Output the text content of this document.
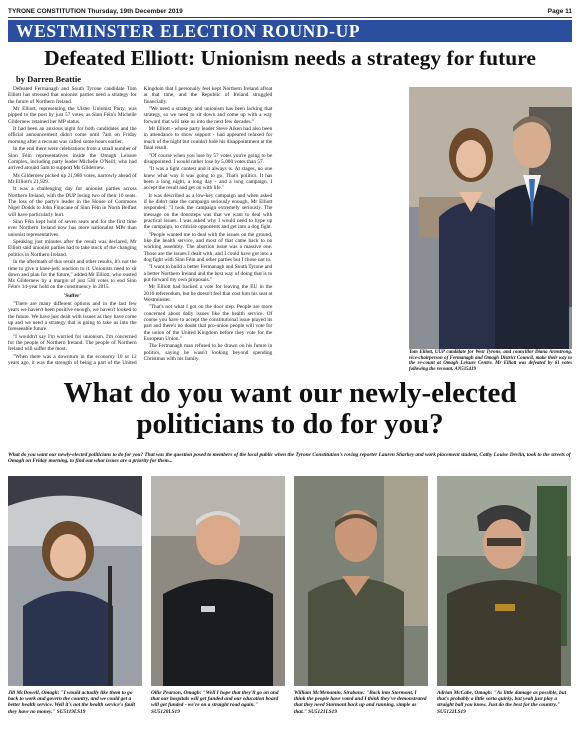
TYRONE CONSTITUTION Thursday, 19th December 2019	Page 11
WESTMINSTER ELECTION ROUND-UP
Defeated Elliott: Unionism needs a strategy for future
by Darren Beattie

Defeated Fermanagh and South Tyrone candidate Tom Elliott has stressed that unionist parties need a strategy for the future of Northern Ireland.

Mr Elliott, representing the Ulster Unionist Party, was pipped to the post by just 57 votes, as Sinn Féin's Michelle Gildernew retained her MP status.

It had been an anxious night for both candidates and the official announcement didn't come until 7am on Friday morning after a recount was called some hours earlier.

In the end there were celebrations from a small number of Sinn Féin representatives inside the Omagh Leisure Complex, including party leader Michelle O'Neill, who had arrived around 5am to support Ms Gildernew.

Ms Gildernew picked up 21,986 votes, narrowly ahead of Mr Elliott's 21,929.

It was a challenging day for unionist parties across Northern Ireland, with the DUP losing two of their 10 seats. The loss of the party's leader in the House of Commons Nigel Dodds to John Finucane of Sinn Féin in North Belfast will have particularly hurt.

Sinn Féin kept hold of seven seats and for the first time ever Northern Ireland now has more nationalist MPs than unionist representatives.

Speaking just minutes after the result was declared, Mr Elliott said unionist parties had to take stock of the changing politics in Northern Ireland.

In the aftermath of this result and other results, it's not the time to give a knee-jerk reaction to it. Unionists need to sit down and plan for the future," added Mr Elliott, who ousted Ms Gildernew by a margin of just 530 votes to end Sinn Féin's 14-year hold on the constituency in 2015.

'Suffer'

"There are many different options and in the last few years we haven't been positive enough, we haven't looked to the future. We have just dealt with issues as they have come up and we need a strategy that is going to take us into the foreseeable future.

"I wouldn't say I'm worried for unionism. I'm concerned for the people of Northern Ireland. The people of Northern Ireland will suffer the most.

"When there was a downturn in the economy 10 or 12 years ago, it was the strength of being a part of the United Kingdom that I personally feel kept Northern Ireland afloat at that time, and the Republic of Ireland struggled financially.

"We need a strategy and unionism has been lacking that strategy, so we need to sit down and come up with a way forward that will take us into the next few decades."

Mr Elliott - whose party leader Steve Aiken had also been in attendance to show support - had appeared relaxed for much of the night but couldn't hide his disappointment at the final result.

"Of course when you lose by 57 votes you're going to be disappointed. I would rather lose by 5,000 votes than 57.

"It was a tight contest and it always is. At stages, no one knew what way it was going to go. That's politics. It has been a long night, a long day - and a long campaign. I accept the result and get on with life."

It was described as a low-key campaign and when asked if he didn't take the campaign seriously enough, Mr Elliott responded: "I took the campaign extremely seriously. The message on the doorsteps was that we want to deal with practical issues. I was asked why I would need to hype up the campaign, to criticise opponents and get into a dog fight.

"People wanted me to deal with the issues on the ground, like the health service, and most of that came back to no working assembly. The abortion issue was a massive one. Those are the issues I dealt with, and I could have got into a dog fight with Sinn Féin and other parties but I chose not to.

"I want to build a better Fermanagh and South Tyrone and a better Northern Ireland and the best way of doing that is to put forward my own proposals."

Mr Elliott had backed a vote for leaving the EU in the 2016 referendum, but he doesn't feel that cost him his seat at Westminster.

"That's not what I got on the door step. People are more concerned about daily issues like the health service. Of course you have to accept the constitutional issue played its part and there's no doubt that pro-union people will vote for the union of the United Kingdom before they vote for the European Union."

The Fermanagh man refused to be drawn on his future in politics, saying he wasn't looking beyond spending Christmas with his family.

Tom Elliott, UUP candidate for West Tyrone, and councillor Diana Armstrong, vice-chairperson of Fermanagh and Omagh District Council, make their way to the re-count at Omagh Leisure Centre. Mr Elliott was defeated by 61 votes following the recount. AN515419
What do you want our newly-elected politicians to do for you?
What do you want our newly-elected politicians to do for you? That was the question posed to members of the local public when the Tyrone Constitution's roving reporter Lauren Sharkey and work placement student, Cathy Louise Devlin, took to the streets of Omagh on Friday morning, to find out what issues are a priority for them...
Jill McDowell, Omagh: "I would actually like them to go back to work and govern the country, and we could get a better health service. Well it's not the health service's fault they have no money." SU5119LS19
Ollie Pearson, Omagh: "Well I hope that they'll go on and that our hospitals will get funded and our education board will get funded - we're on a straight road again." SU5120LS19
William McMenamin, Strabane: "Back into Stormont, I think the people have voted and I think they've demonstrated that they need Stormont back up and running, simple as that." SU5121LS19
Adrian McCabe, Omagh: "As little damage as possible, but that's probably a little sorta quirky, but yeah just play a straight ball you know. Just do the best for the country." SU5122LS19
